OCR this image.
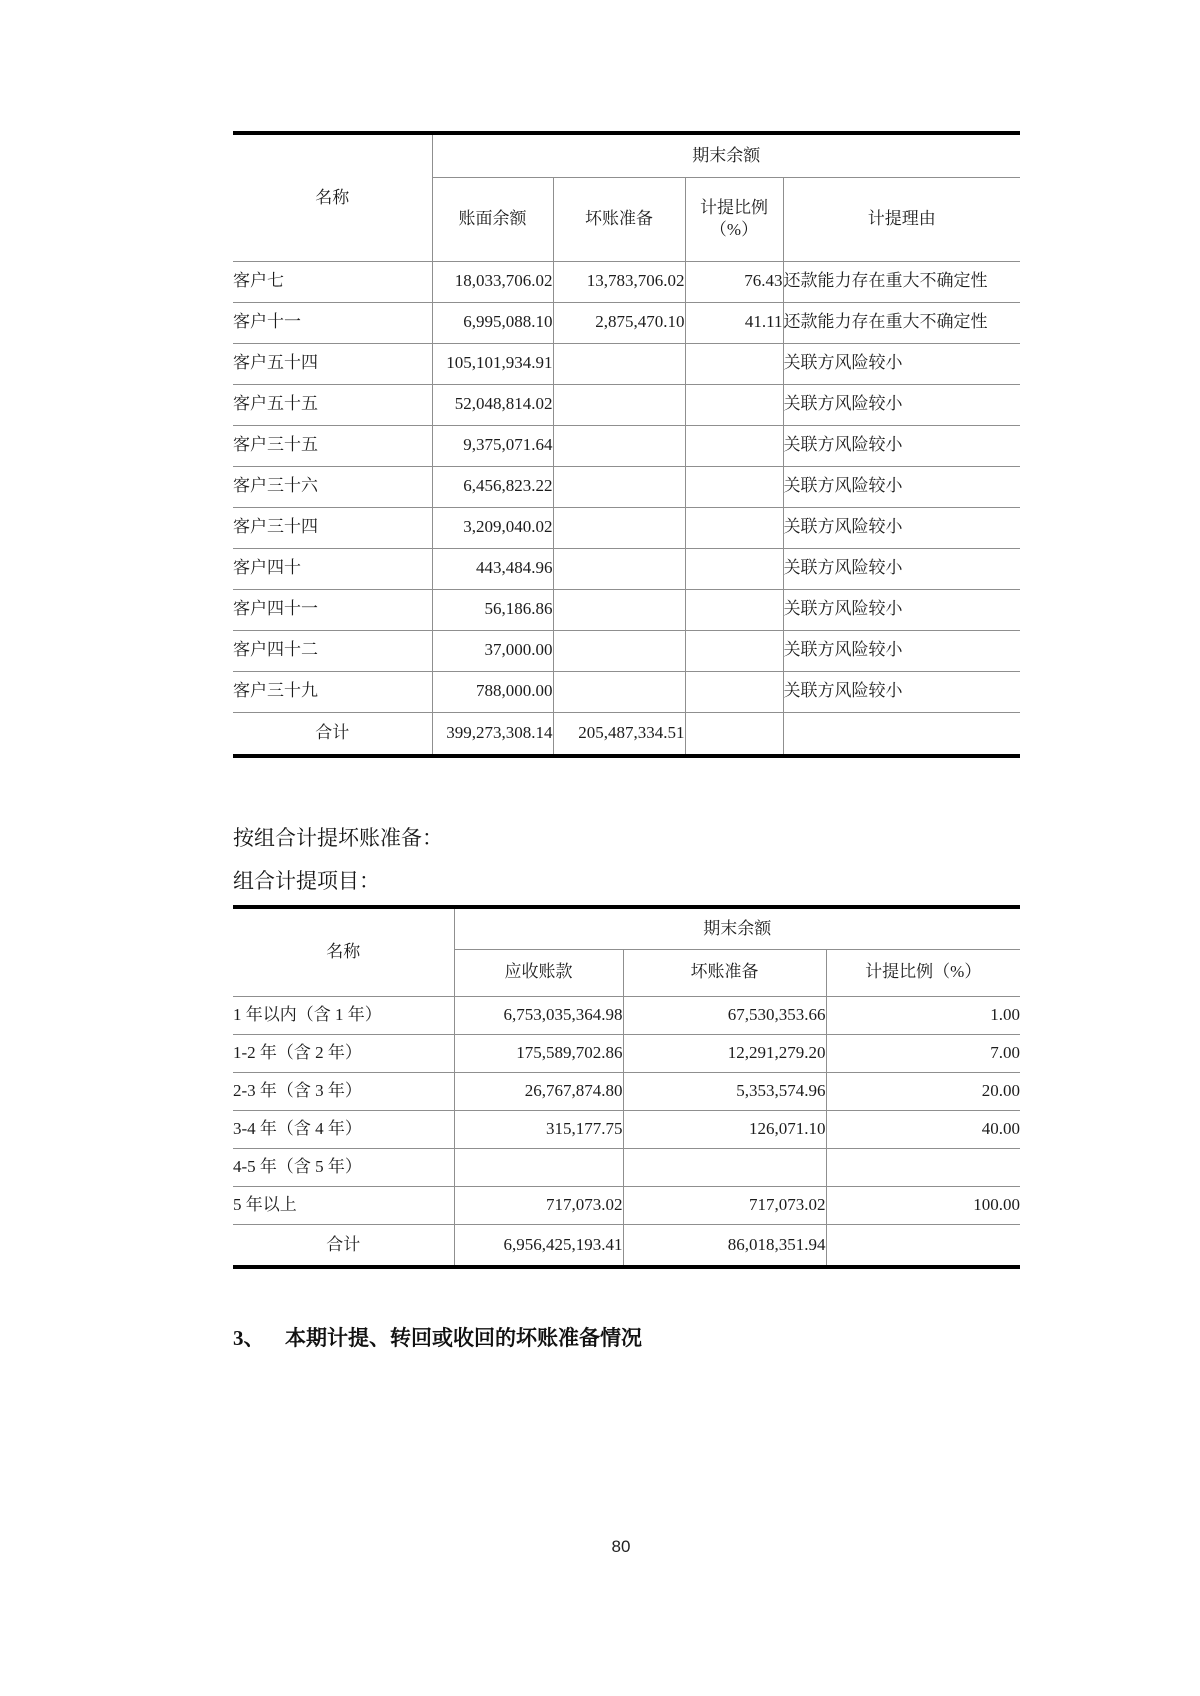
名称	期末余额			
	账面余额	坏账准备	计提比例
（%）	计提理由
客户七	18,033,706.02	13,783,706.02	76.43	还款能力存在重大不确定性
客户十一	6,995,088.10	2,875,470.10	41.11	还款能力存在重大不确定性
客户五十四	105,101,934.91			关联方风险较小
客户五十五	52,048,814.02			关联方风险较小
客户三十五	9,375,071.64			关联方风险较小
客户三十六	6,456,823.22			关联方风险较小
客户三十四	3,209,040.02			关联方风险较小
客户四十	443,484.96			关联方风险较小
客户四十一	56,186.86			关联方风险较小
客户四十二	37,000.00			关联方风险较小
客户三十九	788,000.00			关联方风险较小
合计	399,273,308.14	205,487,334.51		
按组合计提坏账准备：
组合计提项目：
名称	期末余额		
	应收账款	坏账准备	计提比例（%）
1 年以内（含 1 年）	6,753,035,364.98	67,530,353.66	1.00
1-2 年（含 2 年）	175,589,702.86	12,291,279.20	7.00
2-3 年（含 3 年）	26,767,874.80	5,353,574.96	20.00
3-4 年（含 4 年）	315,177.75	126,071.10	40.00
4-5 年（含 5 年）			
5 年以上	717,073.02	717,073.02	100.00
合计	6,956,425,193.41	86,018,351.94	
3、 本期计提、转回或收回的坏账准备情况
80
